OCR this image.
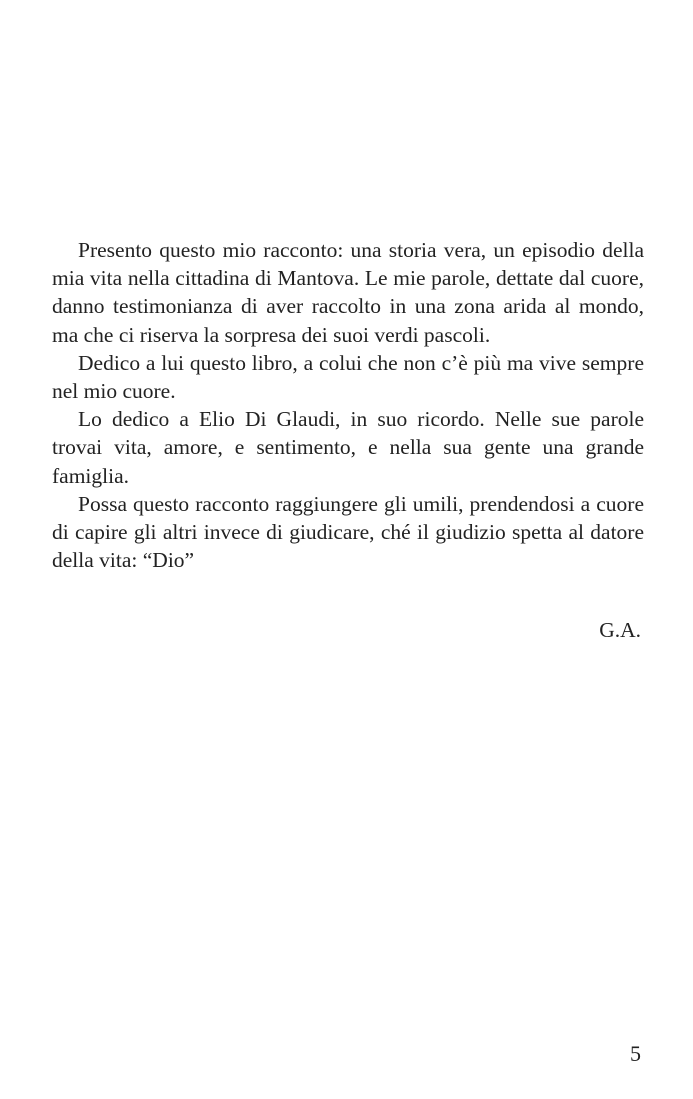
Presento questo mio racconto: una storia vera, un episodio della mia vita nella cittadina di Mantova. Le mie parole, dettate dal cuore, danno testimonianza di aver raccolto in una zona arida al mondo, ma che ci riserva la sorpresa dei suoi verdi pascoli.

Dedico a lui questo libro, a colui che non c’è più ma vive sempre nel mio cuore.

Lo dedico a Elio Di Glaudi, in suo ricordo. Nelle sue parole trovai vita, amore, e sentimento, e nella sua gente una grande famiglia.

Possa questo racconto raggiungere gli umili, prendendosi a cuore di capire gli altri invece di giudicare, ché il giudizio spetta al datore della vita: “Dio”

G.A.
5
